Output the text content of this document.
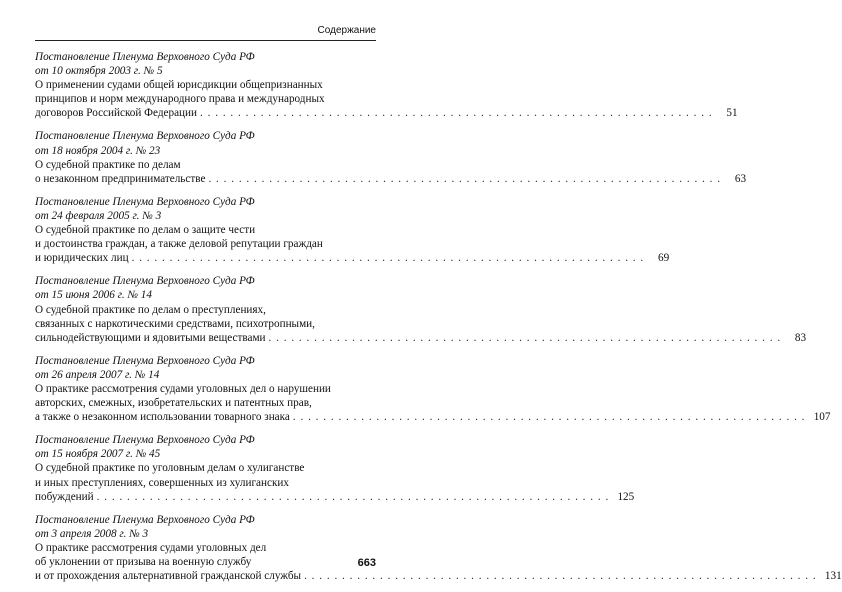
Содержание
Постановление Пленума Верховного Суда РФ
от 10 октября 2003 г. № 5
О применении судами общей юрисдикции общепризнанных
принципов и норм международного права и международных
договоров Российской Федерации . . . . . . . . . . . . . . . . . . . . . . . . . . . . . . . . . . . . . . . . . . . . . . . . . . . . . . . . . . . . . . . . . . . .	51
Постановление Пленума Верховного Суда РФ
от 18 ноября 2004 г. № 23
О судебной практике по делам
о незаконном предпринимательстве . . . . . . . . . . . . . . . . . . . . . . . . . . . . . . . . . . . . . . . . . . . . . . . . . . . . . . . . . . . . . . . . . . . .	63
Постановление Пленума Верховного Суда РФ
от 24 февраля 2005 г. № 3
О судебной практике по делам о защите чести
и достоинства граждан, а также деловой репутации граждан
и юридических лиц . . . . . . . . . . . . . . . . . . . . . . . . . . . . . . . . . . . . . . . . . . . . . . . . . . . . . . . . . . . . . . . . . . . .	69
Постановление Пленума Верховного Суда РФ
от 15 июня 2006 г. № 14
О судебной практике по делам о преступлениях,
связанных с наркотическими средствами, психотропными,
сильнодействующими и ядовитыми веществами . . . . . . . . . . . . . . . . . . . . . . . . . . . . . . . . . . . . . . . . . . . . . . . . . . . . . . . . . . . . . . . . . . . .	83
Постановление Пленума Верховного Суда РФ
от 26 апреля 2007 г. № 14
О практике рассмотрения судами уголовных дел о нарушении
авторских, смежных, изобретательских и патентных прав,
а также о незаконном использовании товарного знака . . . . . . . . . . . . . . . . . . . . . . . . . . . . . . . . . . . . . . . . . . . . . . . . . . . . . . . . . . . . . . . . . . . . 107
Постановление Пленума Верховного Суда РФ
от 15 ноября 2007 г. № 45
О судебной практике по уголовным делам о хулиганстве
и иных преступлениях, совершенных из хулиганских
побуждений . . . . . . . . . . . . . . . . . . . . . . . . . . . . . . . . . . . . . . . . . . . . . . . . . . . . . . . . . . . . . . . . . . . . 125
Постановление Пленума Верховного Суда РФ
от 3 апреля 2008 г. № 3
О практике рассмотрения судами уголовных дел
об уклонении от призыва на военную службу
и от прохождения альтернативной гражданской службы . . . . . . . . . . . . . . . . . . . . . . . . . . . . . . . . . . . . . . . . . . . . . . . . . . . . . . . . . . . . . . . . . . . . 131
663
